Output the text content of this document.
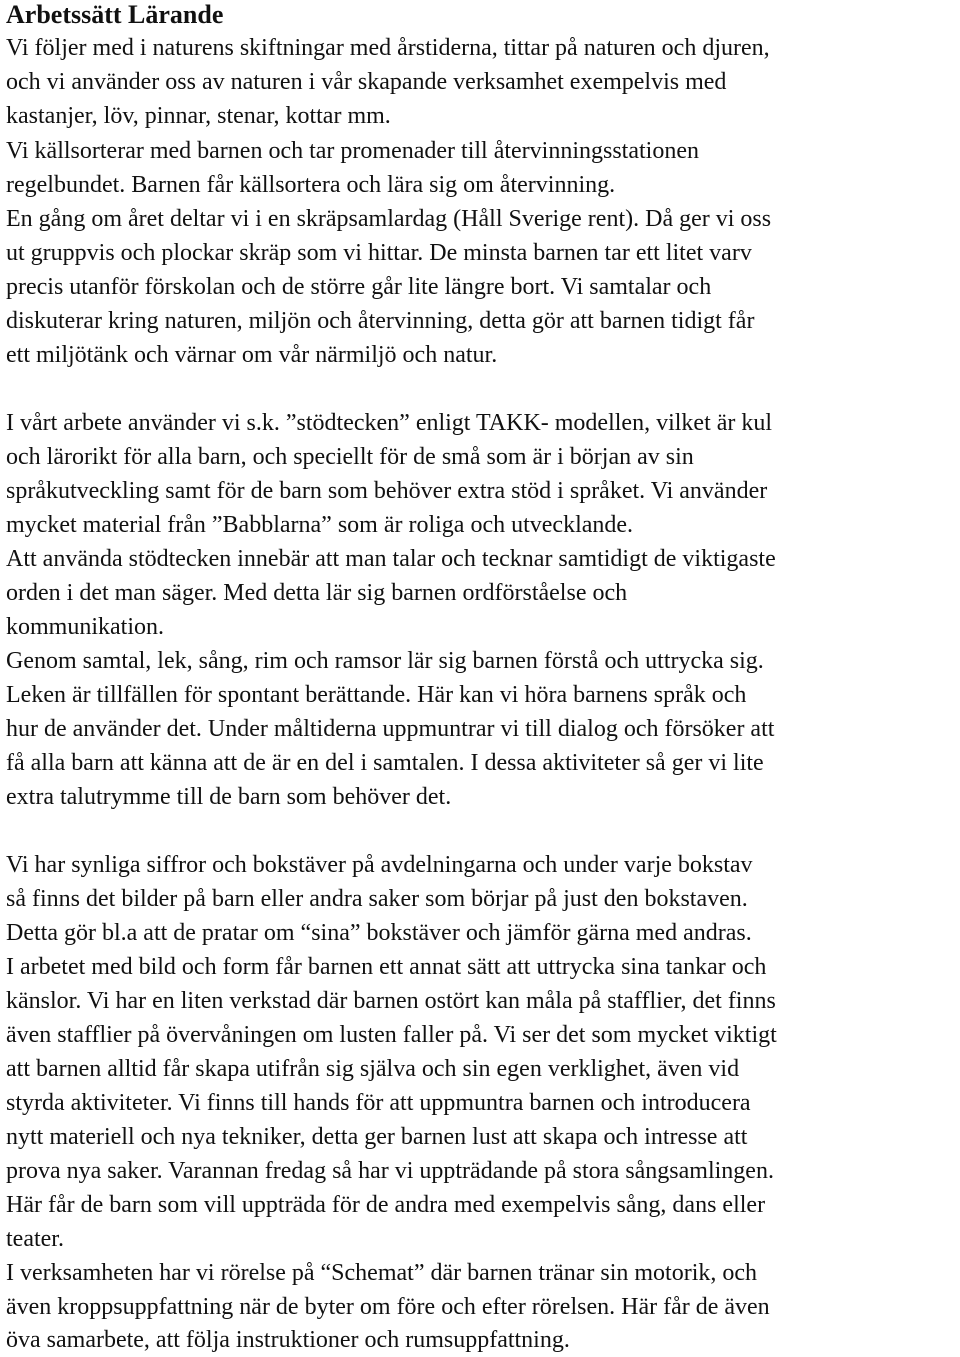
Arbetssätt Lärande

Vi följer med i naturens skiftningar med årstiderna, tittar på naturen och djuren,

och vi använder oss av naturen i vår skapande verksamhet exempelvis med

kastanjer, löv, pinnar, stenar, kottar mm.

Vi källsorterar med barnen och tar promenader till återvinningsstationen

regelbundet. Barnen får källsortera och lära sig om återvinning.

En gång om året deltar vi i en skräpsamlardag (Håll Sverige rent). Då ger vi oss

ut gruppvis och plockar skräp som vi hittar. De minsta barnen tar ett litet varv

precis utanför förskolan och de större går lite längre bort. Vi samtalar och

diskuterar kring naturen, miljön och återvinning, detta gör att barnen tidigt får

ett miljötänk och värnar om vår närmiljö och natur.

I vårt arbete använder vi s.k. ”stödtecken” enligt TAKK- modellen, vilket är kul

och lärorikt för alla barn, och speciellt för de små som är i början av sin

språkutveckling samt för de barn som behöver extra stöd i språket. Vi använder

mycket material från ”Babblarna” som är roliga och utvecklande.

Att använda stödtecken innebär att man talar och tecknar samtidigt de viktigaste

orden i det man säger. Med detta lär sig barnen ordförståelse och

kommunikation.

Genom samtal, lek, sång, rim och ramsor lär sig barnen förstå och uttrycka sig.

Leken är tillfällen för spontant berättande. Här kan vi höra barnens språk och

hur de använder det. Under måltiderna uppmuntrar vi till dialog och försöker att

få alla barn att känna att de är en del i samtalen. I dessa aktiviteter så ger vi lite

extra talutrymme till de barn som behöver det.

Vi har synliga siffror och bokstäver på avdelningarna och under varje bokstav

så finns det bilder på barn eller andra saker som börjar på just den bokstaven.

Detta gör bl.a att de pratar om “sina” bokstäver och jämför gärna med andras.

I arbetet med bild och form får barnen ett annat sätt att uttrycka sina tankar och

känslor. Vi har en liten verkstad där barnen ostört kan måla på stafflier, det finns

även stafflier på övervåningen om lusten faller på. Vi ser det som mycket viktigt

att barnen alltid får skapa utifrån sig själva och sin egen verklighet, även vid

styrda aktiviteter. Vi finns till hands för att uppmuntra barnen och introducera

nytt materiell och nya tekniker, detta ger barnen lust att skapa och intresse att

prova nya saker. Varannan fredag så har vi uppträdande på stora sångsamlingen.

Här får de barn som vill uppträda för de andra med exempelvis sång, dans eller

teater.

I verksamheten har vi rörelse på “Schemat” där barnen tränar sin motorik, och

även kroppsuppfattning när de byter om före och efter rörelsen. Här får de även

öva samarbete, att följa instruktioner och rumsuppfattning.
